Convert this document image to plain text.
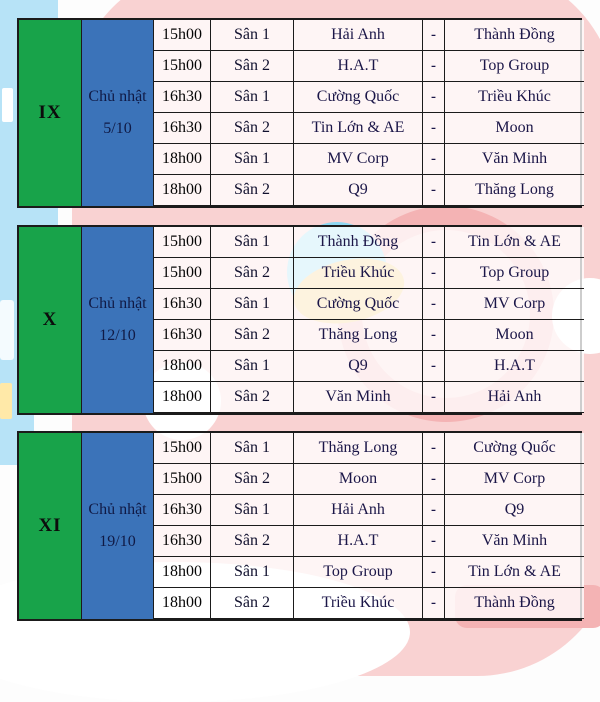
IX
Chủ nhật
5/10
15h00	Sân 1	Hải Anh	-	Thành Đồng
15h00	Sân 2	H.A.T	-	Top Group
16h30	Sân 1	Cường Quốc	-	Triều Khúc
16h30	Sân 2	Tin Lớn & AE	-	Moon
18h00	Sân 1	MV Corp	-	Văn Minh
18h00	Sân 2	Q9	-	Thăng Long
X
Chủ nhật
12/10
15h00	Sân 1	Thành Đồng	-	Tin Lớn & AE
15h00	Sân 2	Triều Khúc	-	Top Group
16h30	Sân 1	Cường Quốc	-	MV Corp
16h30	Sân 2	Thăng Long	-	Moon
18h00	Sân 1	Q9	-	H.A.T
18h00	Sân 2	Văn Minh	-	Hải Anh
XI
Chủ nhật
19/10
15h00	Sân 1	Thăng Long	-	Cường Quốc
15h00	Sân 2	Moon	-	MV Corp
16h30	Sân 1	Hải Anh	-	Q9
16h30	Sân 2	H.A.T	-	Văn Minh
18h00	Sân 1	Top Group	-	Tin Lớn & AE
18h00	Sân 2	Triều Khúc	-	Thành Đồng
